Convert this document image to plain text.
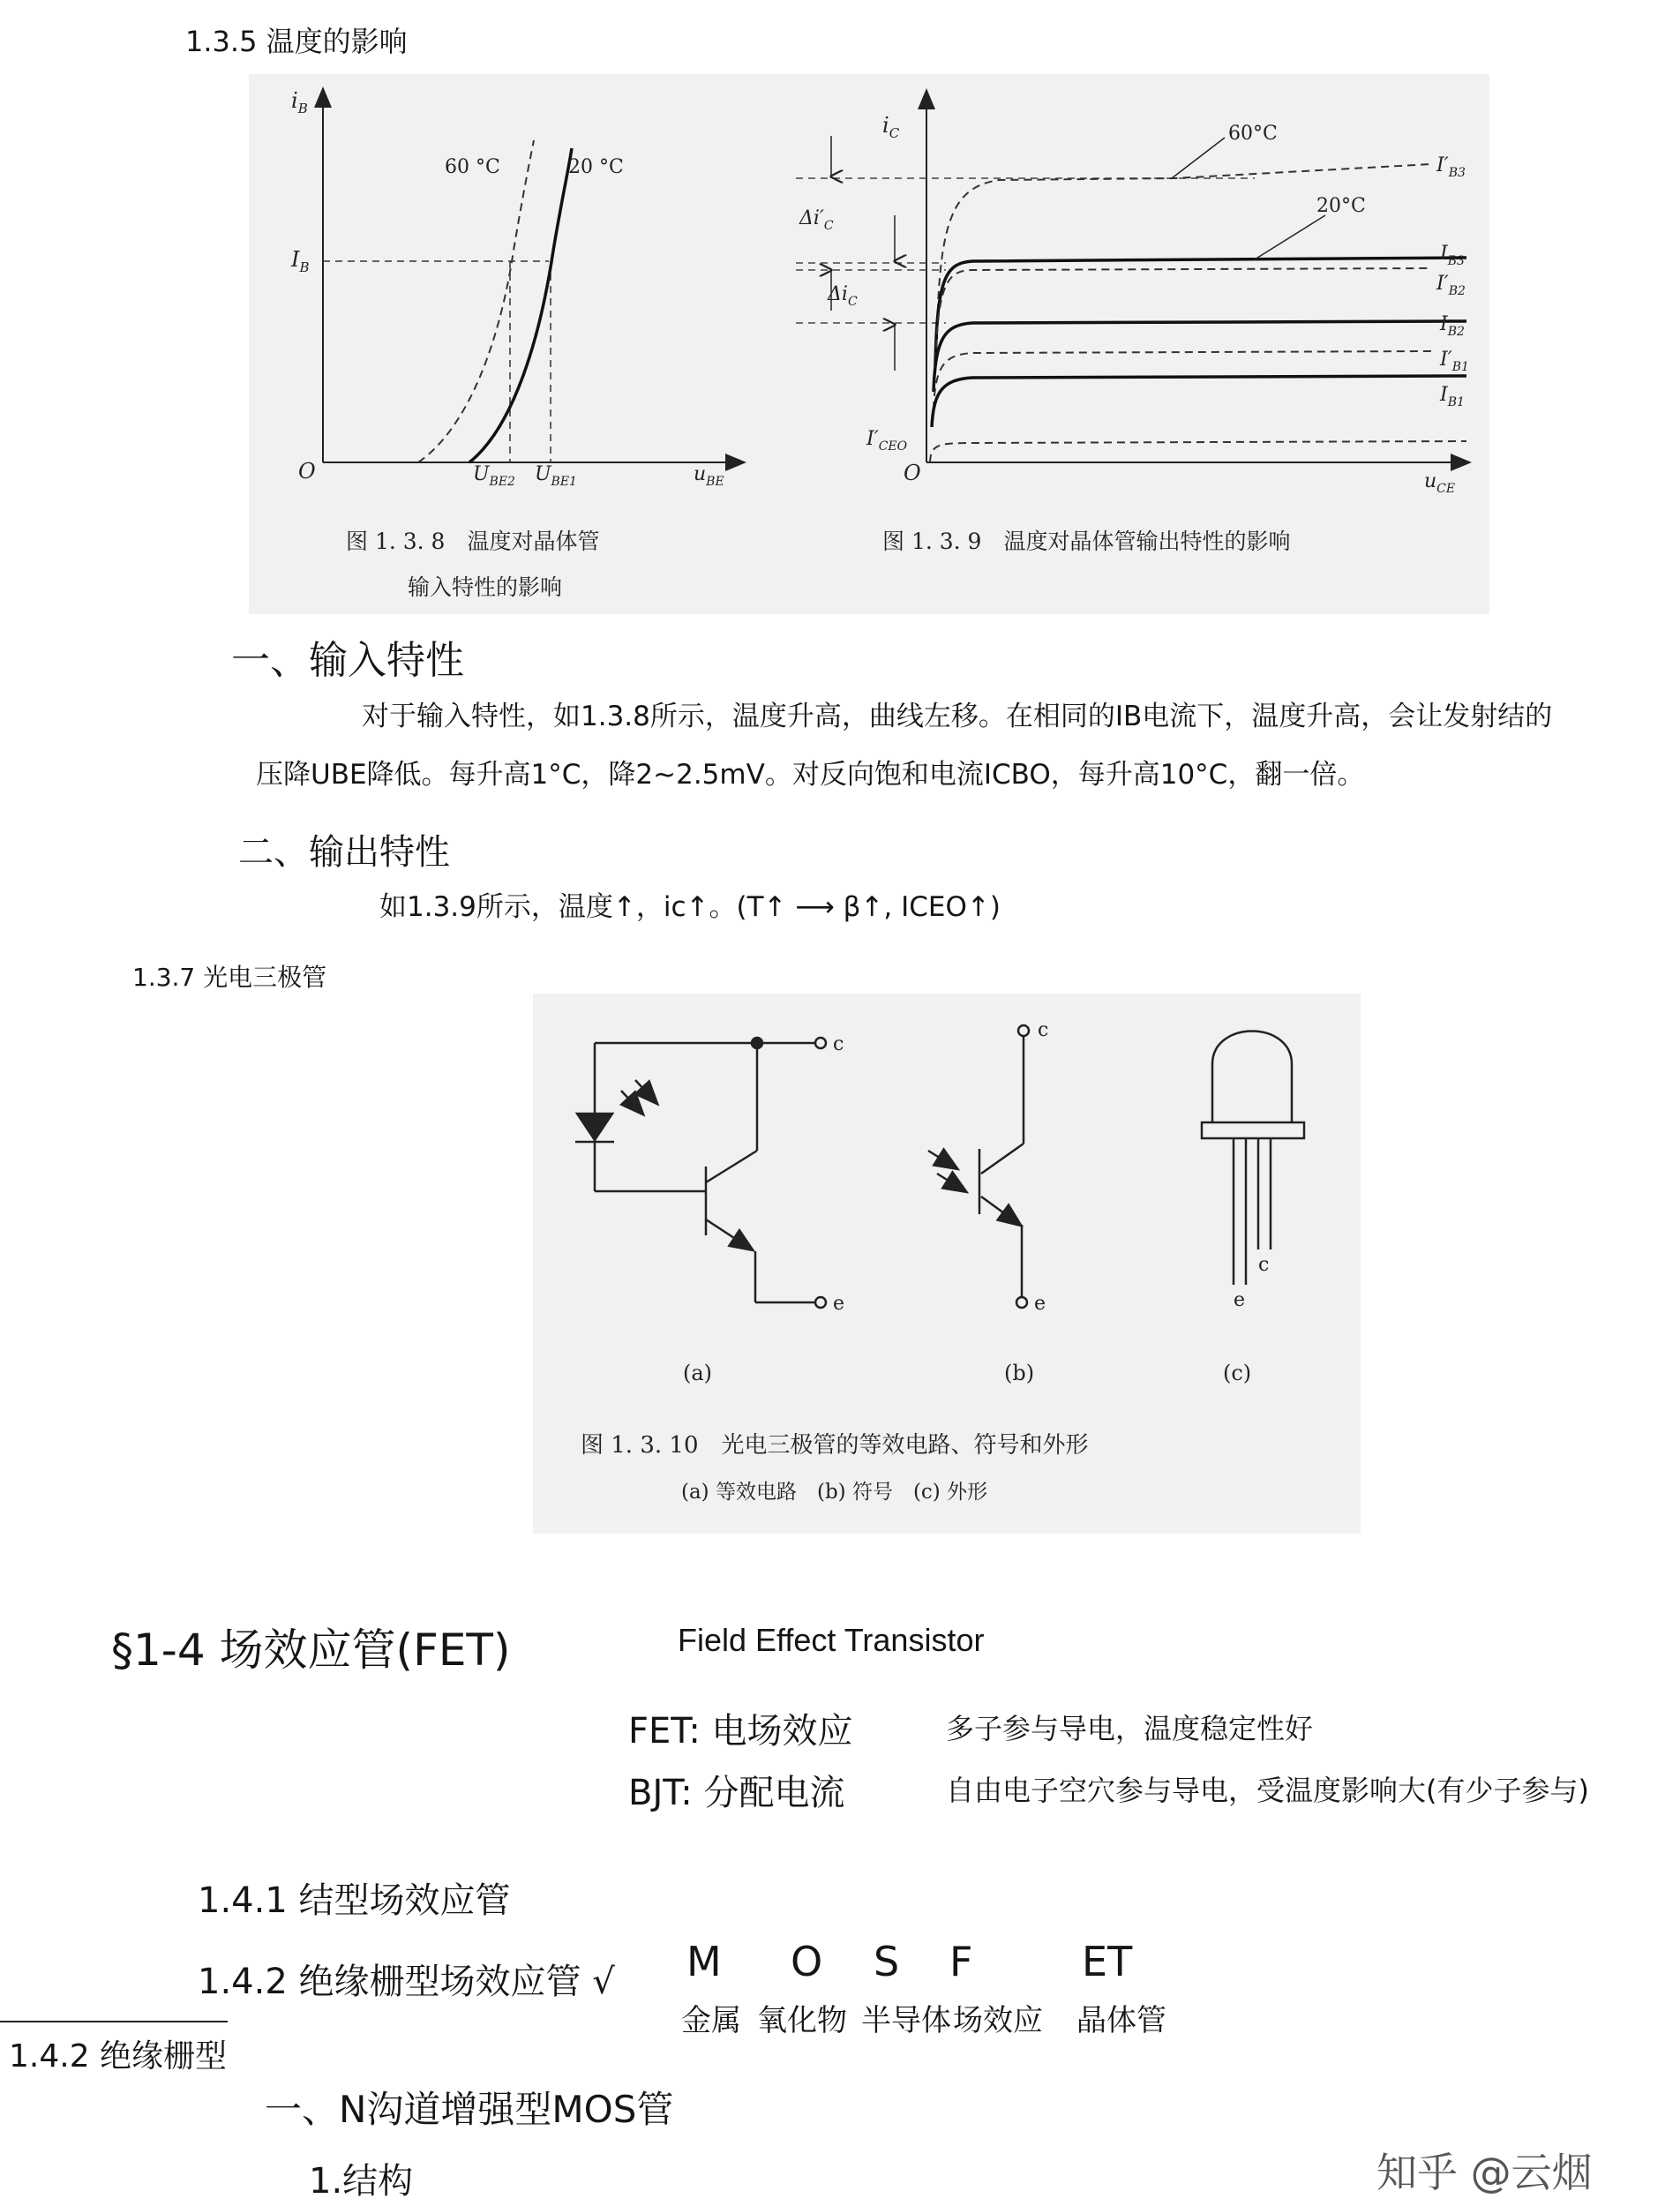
1.3.5 温度的影响
$i_B$
$I_B$
60 °C	20 °C
O	$U_{BE2}$ $U_{BE1}$	$u_{BE}$
图 1. 3. 8　温度对晶体管
输入特性的影响
$i_C$	60°C
20°C
$\Delta i'_C$
$\Delta i_C$
$I'_{B3}$
$I_{B3}$
$I'_{B2}$
$I_{B2}$
$I'_{B1}$
$I_{B1}$
$I'_{CEO}$
O	$u_{CE}$
图 1. 3. 9　温度对晶体管输出特性的影响
一、输入特性
对于输入特性，如1.3.8所示，温度升高，曲线左移。在相同的IB电流下，温度升高，会让发射结的
压降UBE降低。每升高1°C，降2~2.5mV。对反向饱和电流ICBO，每升高10°C，翻一倍。
二、输出特性
如1.3.9所示，温度↑，ic↑。(T↑ ⟶ β↑, ICEO↑)
1.3.7 光电三极管
c
e
c
e
c
e
(a)	(b)	(c)
图 1. 3. 10　光电三极管的等效电路、符号和外形
(a) 等效电路　(b) 符号　(c) 外形
§1-4 场效应管(FET)	Field Effect Transistor
FET: 电场效应	多子参与导电，温度稳定性好
BJT: 分配电流	自由电子空穴参与导电，受温度影响大(有少子参与)
1.4.1 结型场效应管
1.4.2 绝缘栅型场效应管 √ M O S F	ET
金属 氧化物 半导体 场效应 晶体管
1.4.2 绝缘栅型
一、N沟道增强型MOS管
1.结构	知乎 @云烟
